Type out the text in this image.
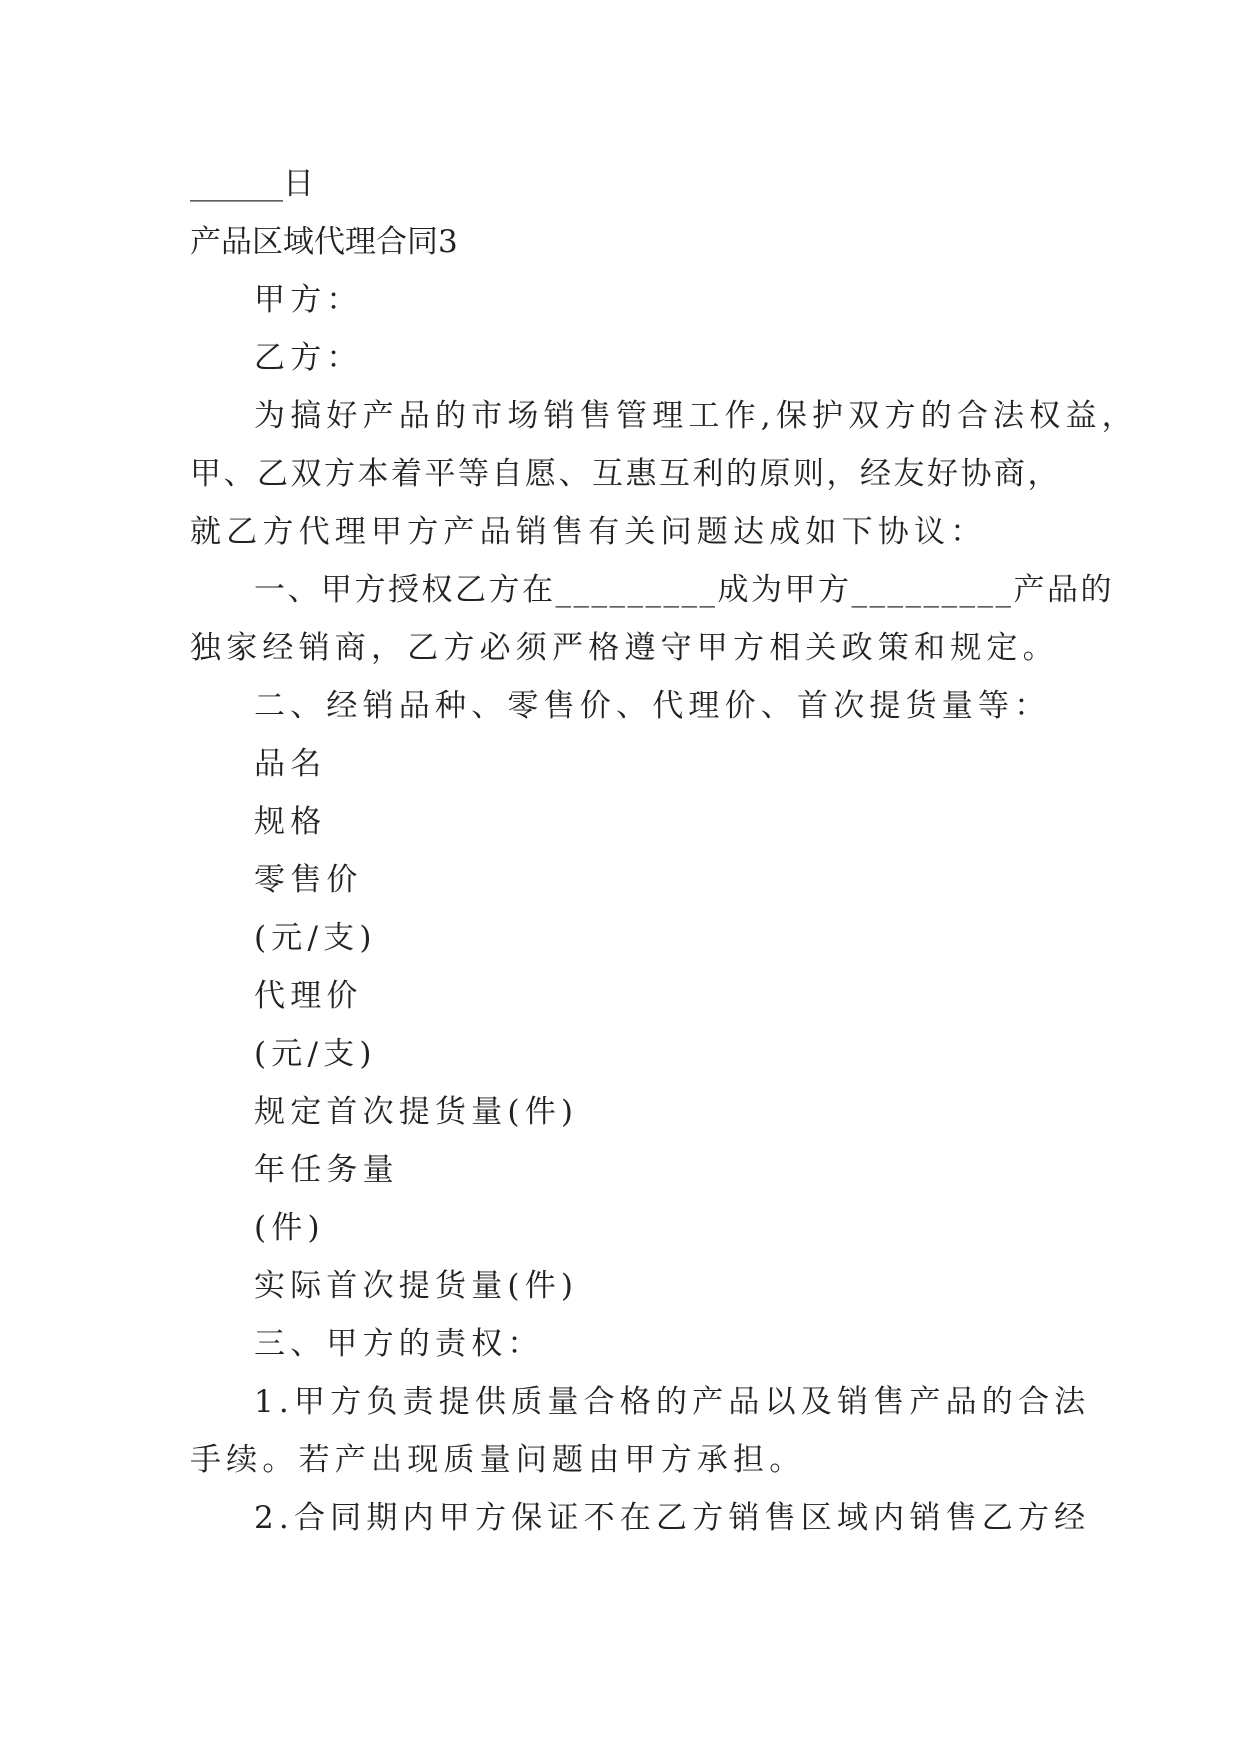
______日
产品区域代理合同3
甲方：
乙方：
为搞好产品的市场销售管理工作,保护双方的合法权益，
甲、乙双方本着平等自愿、互惠互利的原则，经友好协商，
就乙方代理甲方产品销售有关问题达成如下协议：
一、甲方授权乙方在_________成为甲方_________产品的
独家经销商，乙方必须严格遵守甲方相关政策和规定。
二、经销品种、零售价、代理价、首次提货量等：
品名
规格
零售价
(元/支)
代理价
(元/支)
规定首次提货量(件)
年任务量
(件)
实际首次提货量(件)
三、甲方的责权：
1.甲方负责提供质量合格的产品以及销售产品的合法
手续。若产出现质量问题由甲方承担。
2.合同期内甲方保证不在乙方销售区域内销售乙方经
